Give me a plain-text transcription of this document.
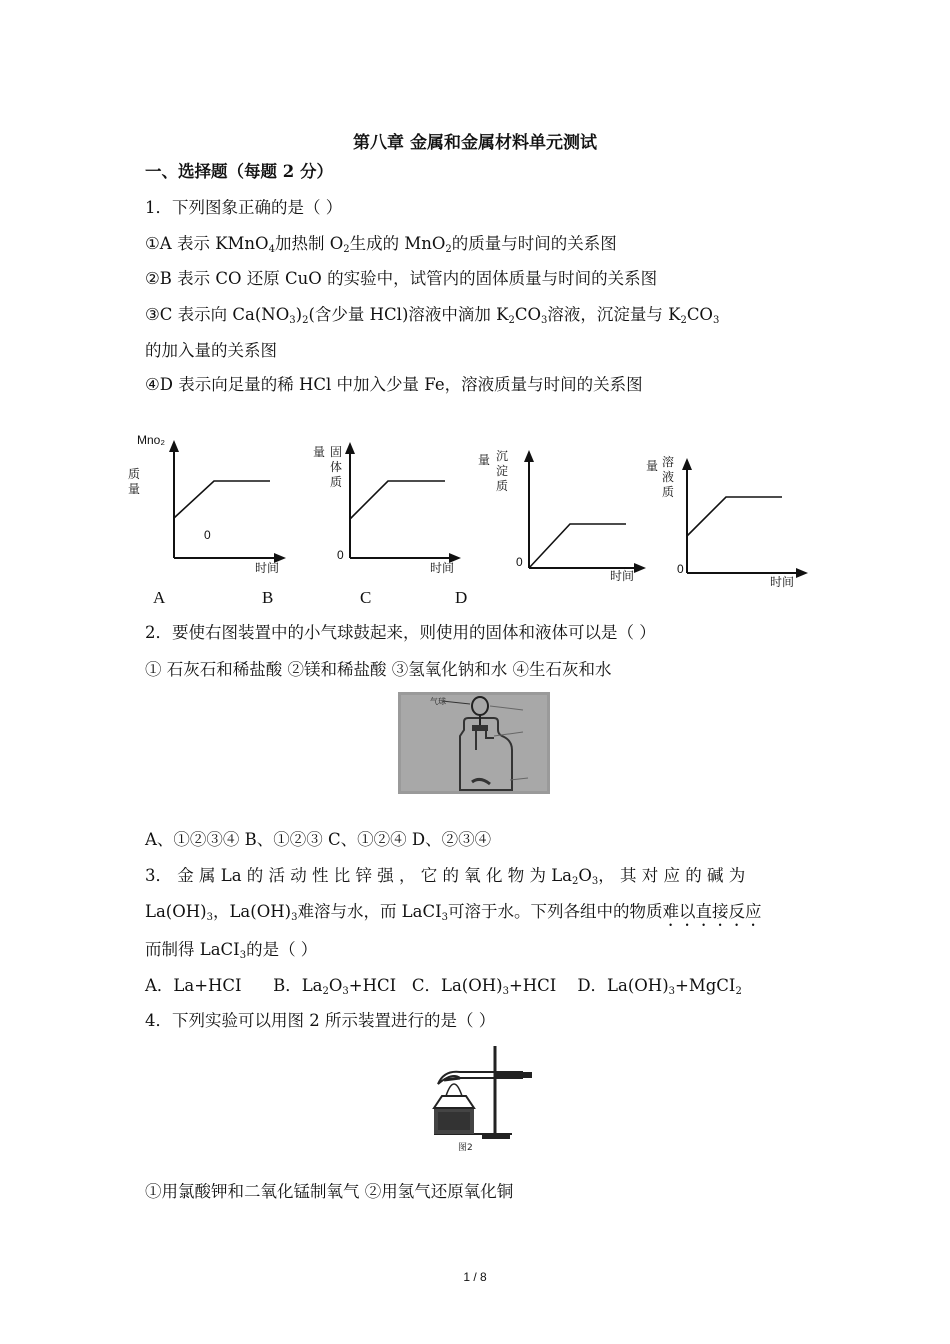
第八章 金属和金属材料单元测试
一、选择题（每题 2 分）
1．下列图象正确的是（ ）
①A 表示 KMnO$_4$加热制 $O_2$生成的 MnO$_2$的质量与时间的关系图
②B 表示 CO 还原 CuO 的实验中，试管内的固体质量与时间的关系图
③C 表示向 $Ca(NO_3)_2$(含少量 HCl)溶液中滴加 $K_2CO_3$溶液，沉淀量与 $K_2CO_3$
的加入量的关系图
④D 表示向足量的稀 HCl 中加入少量 Fe，溶液质量与时间的关系图
Mno₂
质量
0
时间
量 固体质
0
时间
量 沉淀质
0
时间
量 溶液质
0
时间
A	B	C	D
2．要使右图装置中的小气球鼓起来，则使用的固体和液体可以是（ ）
① 石灰石和稀盐酸 ②镁和稀盐酸 ③氢氧化钠和水 ④生石灰和水
气球
A、①②③④ B、①②③ C、①②④ D、②③④
3． 金 属 La 的 活 动 性 比 锌 强 ， 它 的 氧 化 物 为 $La_2O_3$， 其 对 应 的 碱 为
$La(OH)_3$，$La(OH)_3$难溶与水，而 LaCI$_3$可溶于水。下列各组中的物质难以直接反应
而制得 LaCI$_3$的是（ ）
A．La+HCI B．$La_2O_3+HCI$ C．$La(OH)_3+HCI$ D．$La(OH)_3+MgCI_2$
4．下列实验可以用图 2 所示装置进行的是（ ）
图2
①用氯酸钾和二氧化锰制氧气 ②用氢气还原氧化铜
1 / 8
